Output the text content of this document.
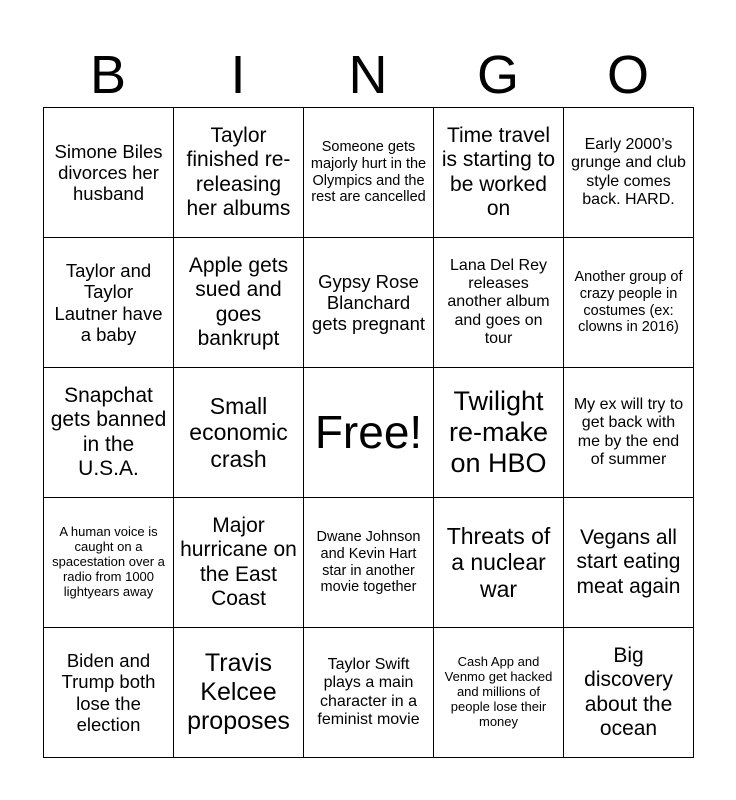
B	I	N	G	O
Simone Biles divorces her husband	Taylor finished re-releasing her albums	Someone gets majorly hurt in the Olympics and the rest are cancelled	Time travel is starting to be worked on	Early 2000’s grunge and club style comes back. HARD.
Taylor and Taylor Lautner have a baby	Apple gets sued and goes bankrupt	Gypsy Rose Blanchard gets pregnant	Lana Del Rey releases another album and goes on tour	Another group of crazy people in costumes (ex: clowns in 2016)
Snapchat gets banned in the U.S.A.	Small economic crash	Free!	Twilight re-make on HBO	My ex will try to get back with me by the end of summer
A human voice is caught on a spacestation over a radio from 1000 lightyears away	Major hurricane on the East Coast	Dwane Johnson and Kevin Hart star in another movie together	Threats of a nuclear war	Vegans all start eating meat again
Biden and Trump both lose the election	Travis Kelcee proposes	Taylor Swift plays a main character in a feminist movie	Cash App and Venmo get hacked and millions of people lose their money	Big discovery about the ocean
